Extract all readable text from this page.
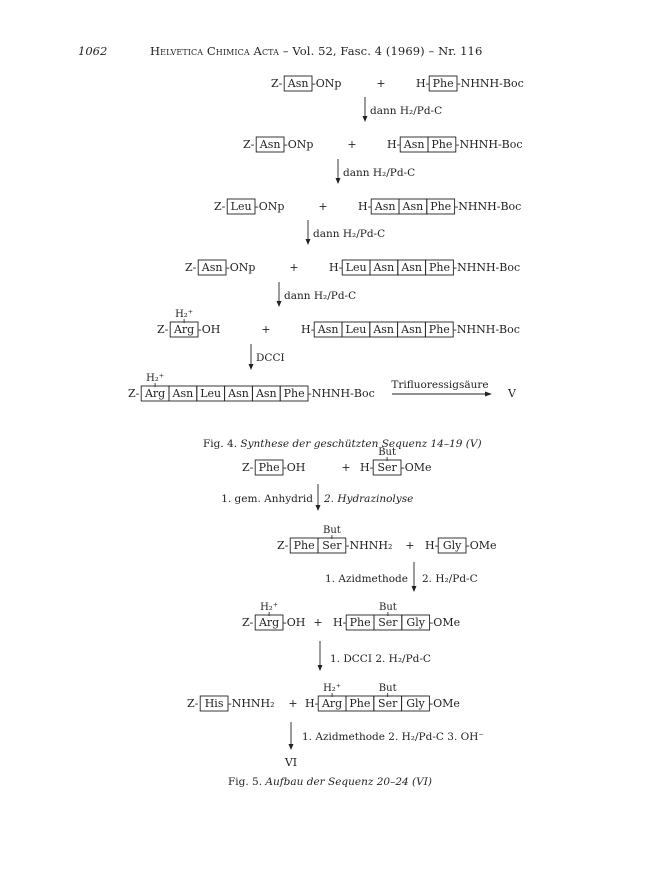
1062	Helvetica Chimica Acta – Vol. 52, Fasc. 4 (1969) – Nr. 116
Z- Asn -ONp	+	H- Phe -NHNH-Boc
dann H₂/Pd-C
Z- Asn -ONp	+	H- Asn Phe -NHNH-Boc
dann H₂/Pd-C
Z- Leu -ONp	+	H- Asn Asn Phe -NHNH-Boc
dann H₂/Pd-C
Z- Asn -ONp	+	H- Leu Asn Asn Phe -NHNH-Boc
dann H₂/Pd-C
Z- Arg -OH
H₂⁺
+	H- Asn Leu Asn Asn Phe -NHNH-Boc
DCCI
Z- Arg Asn Leu Asn Asn Phe -NHNH-Boc
H₂⁺
Trifluoressigsäure
V
Z- Phe -OH	+ H- Ser -OMe
But
1. gem. Anhydrid 2. Hydrazinolyse
Z- Phe Ser -NHNH₂
But
+ H- Gly -OMe
1. Azidmethode 2. H₂/Pd-C
Z- Arg -OH
H₂⁺
+ H- Phe Ser Gly -OMe
But
1. DCCI 2. H₂/Pd-C
Z- His -NHNH₂ + H- Arg Phe Ser Gly -OMe
H₂⁺	But
1. Azidmethode 2. H₂/Pd-C 3. OH⁻
VI
Fig. 4. Synthese der geschützten Sequenz 14–19 (V)
Fig. 5. Aufbau der Sequenz 20–24 (VI)
